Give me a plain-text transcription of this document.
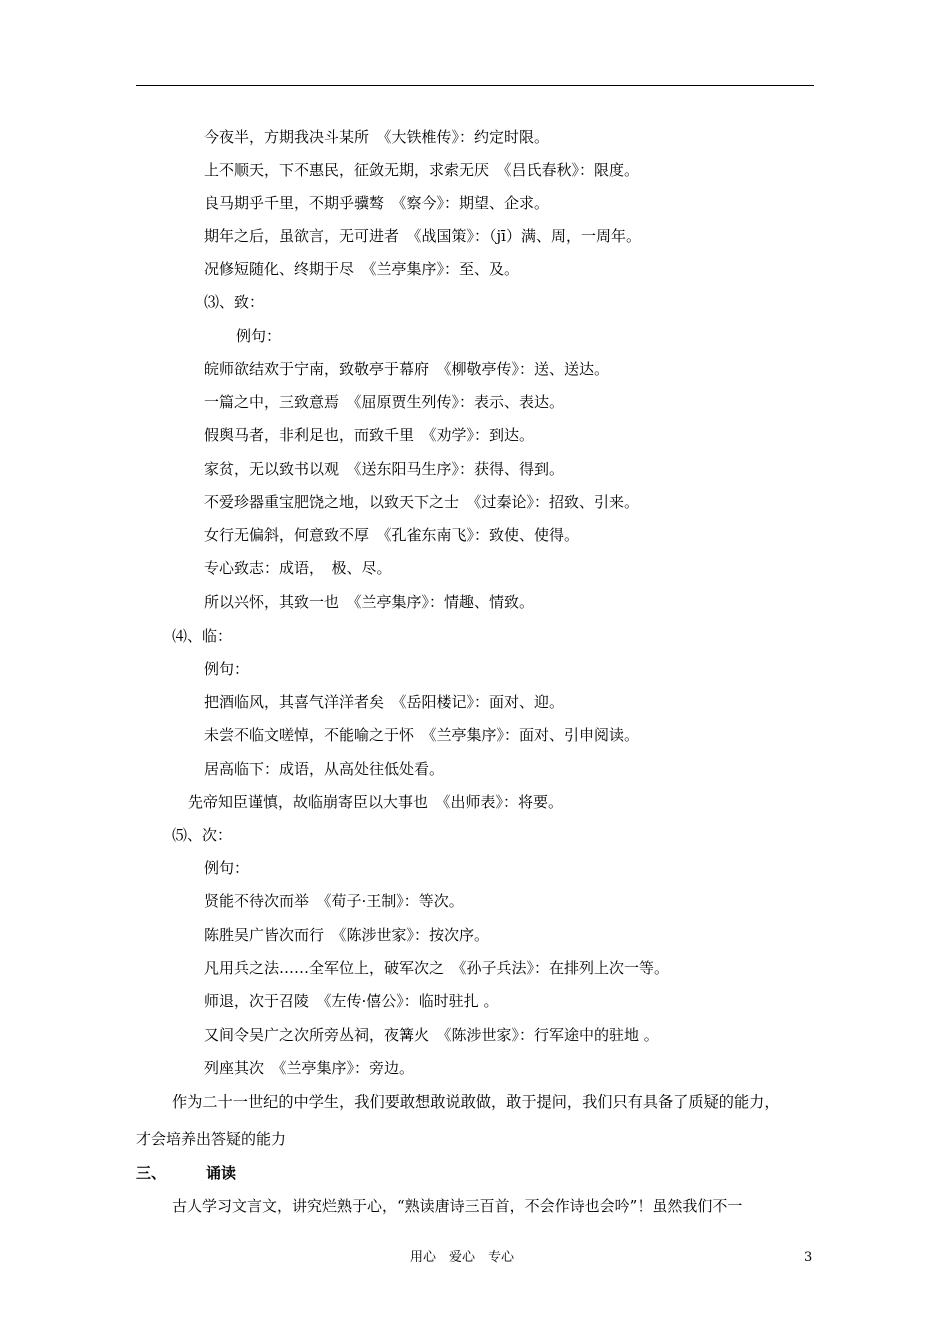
今夜半，方期我决斗某所　《大铁椎传》：约定时限。
上不顺天，下不惠民，征敛无期，求索无厌　《吕氏春秋》：限度。
良马期乎千里，不期乎骥骜　《察今》：期望、企求。
期年之后，虽欲言，无可进者　《战国策》：（jī）满、周，一周年。
况修短随化、终期于尽　《兰亭集序》：至、及。
⑶、致：
例句：
皖师欲结欢于宁南，致敬亭于幕府　《柳敬亭传》：送、送达。
一篇之中，三致意焉　《屈原贾生列传》：表示、表达。
假舆马者，非利足也，而致千里　《劝学》：到达。
家贫，无以致书以观　《送东阳马生序》：获得、得到。
不爱珍器重宝肥饶之地，以致天下之士　《过秦论》：招致、引来。
女行无偏斜，何意致不厚　《孔雀东南飞》：致使、使得。
专心致志：成语，　极、尽。
所以兴怀，其致一也　《兰亭集序》：情趣、情致。
⑷、临：
例句：
把酒临风，其喜气洋洋者矣　《岳阳楼记》：面对、迎。
未尝不临文嗟悼，不能喻之于怀　《兰亭集序》：面对、引申阅读。
居高临下：成语，从高处往低处看。
先帝知臣谨慎，故临崩寄臣以大事也　《出师表》：将要。
⑸、次：
例句：
贤能不待次而举　《荀子·王制》：等次。
陈胜吴广皆次而行　《陈涉世家》：按次序。
凡用兵之法……全军位上，破军次之　《孙子兵法》：在排列上次一等。
师退，次于召陵　《左传·僖公》：临时驻扎 。
又间令吴广之次所旁丛祠，夜篝火　《陈涉世家》：行军途中的驻地 。
列座其次　《兰亭集序》：旁边。
作为二十一世纪的中学生，我们要敢想敢说敢做，敢于提问，我们只有具备了质疑的能力，
才会培养出答疑的能力
三、	诵读
古人学习文言文，讲究烂熟于心，“熟读唐诗三百首，不会作诗也会吟”！虽然我们不一
用心　爱心　专心	3
